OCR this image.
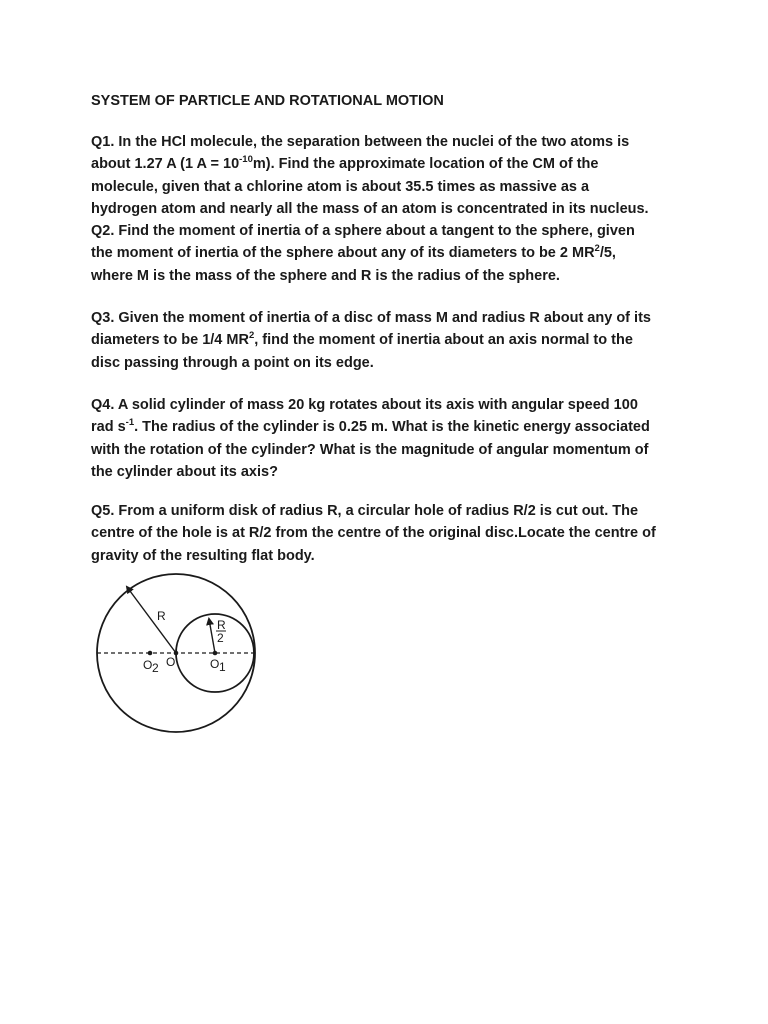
SYSTEM OF PARTICLE AND ROTATIONAL MOTION
Q1. In the HCl molecule, the separation between the nuclei of the two atoms is
about 1.27 A (1 $A = 10^{-10}m$). Find the approximate location of the CM of the
molecule, given that a chlorine atom is about 35.5 times as massive as a
hydrogen atom and nearly all the mass of an atom is concentrated in its nucleus.
Q2. Find the moment of inertia of a sphere about a tangent to the sphere, given
the moment of inertia of the sphere about any of its diameters to be 2 $MR^2/5$,
where M is the mass of the sphere and R is the radius of the sphere.
Q3. Given the moment of inertia of a disc of mass M and radius R about any of its
diameters to be 1/4 $MR^2$, find the moment of inertia about an axis normal to the
disc passing through a point on its edge.
Q4. A solid cylinder of mass 20 kg rotates about its axis with angular speed 100
rad $s^{-1}$. The radius of the cylinder is 0.25 m. What is the kinetic energy associated
with the rotation of the cylinder? What is the magnitude of angular momentum of
the cylinder about its axis?
Q5. From a uniform disk of radius R, a circular hole of radius R/2 is cut out. The
centre of the hole is at R/2 from the centre of the original disc.Locate the centre of
gravity of the resulting flat body.
R
R
2
O 2 O	O 1
